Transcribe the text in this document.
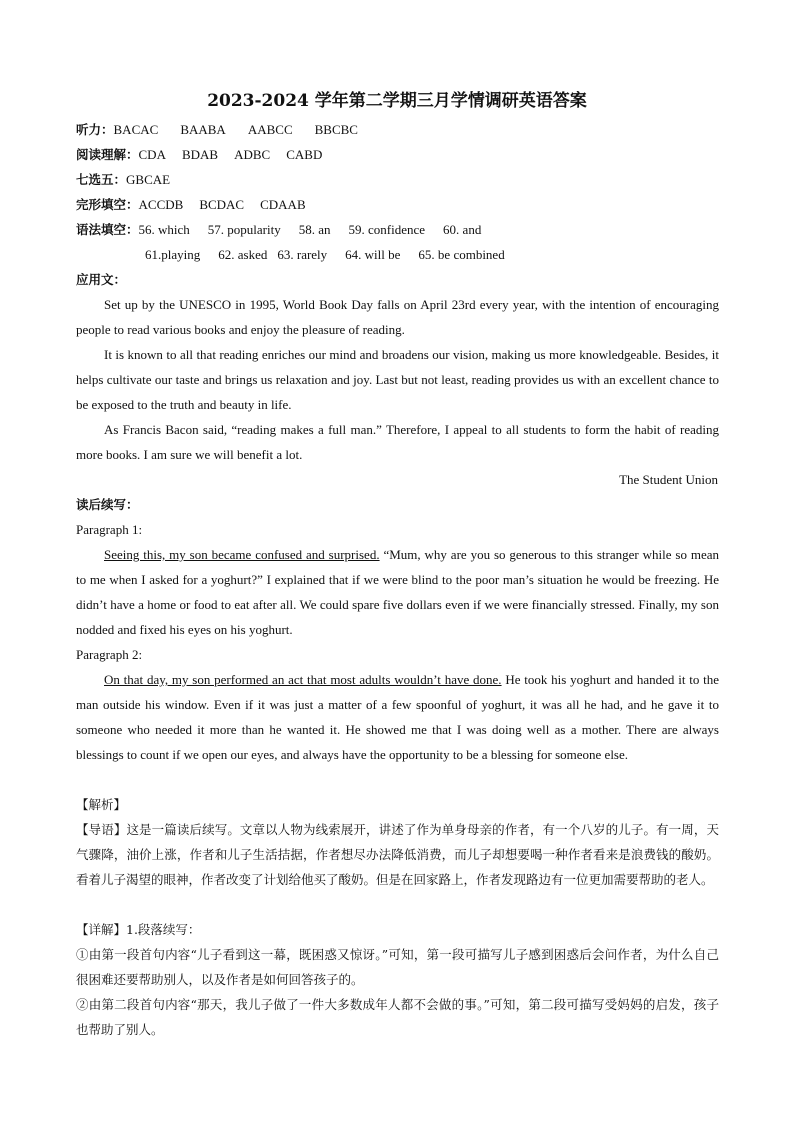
2023-2024 学年第二学期三月学情调研英语答案
听力：BACAC BAABA AABCC BBCBC
阅读理解：CDA BDAB ADBC CABD
七选五：GBCAE
完形填空：ACCDB BCDAC CDAAB
语法填空：56. which 57. popularity 58. an 59. confidence 60. and
61.playing 62. asked 63. rarely 64. will be 65. be combined
应用文：
Set up by the UNESCO in 1995, World Book Day falls on April 23rd every year, with the intention of encouraging people to read various books and enjoy the pleasure of reading.
It is known to all that reading enriches our mind and broadens our vision, making us more knowledgeable. Besides, it helps cultivate our taste and brings us relaxation and joy. Last but not least, reading provides us with an excellent chance to be exposed to the truth and beauty in life.
As Francis Bacon said, “reading makes a full man.” Therefore, I appeal to all students to form the habit of reading more books. I am sure we will benefit a lot.
The Student Union
读后续写：
Paragraph 1:
Seeing this, my son became confused and surprised. “Mum, why are you so generous to this stranger while so mean to me when I asked for a yoghurt?” I explained that if we were blind to the poor man’s situation he would be freezing. He didn’t have a home or food to eat after all. We could spare five dollars even if we were financially stressed. Finally, my son nodded and fixed his eyes on his yoghurt.
Paragraph 2:
On that day, my son performed an act that most adults wouldn’t have done. He took his yoghurt and handed it to the man outside his window. Even if it was just a matter of a few spoonful of yoghurt, it was all he had, and he gave it to someone who needed it more than he wanted it. He showed me that I was doing well as a mother. There are always blessings to count if we open our eyes, and always have the opportunity to be a blessing for someone else.
【解析】
【导语】这是一篇读后续写。文章以人物为线索展开，讲述了作为单身母亲的作者，有一个八岁的儿子。有一周，天气骤降，油价上涨，作者和儿子生活拮据，作者想尽办法降低消费，而儿子却想要喝一种作者看来是浪费钱的酸奶。看着儿子渴望的眼神，作者改变了计划给他买了酸奶。但是在回家路上，作者发现路边有一位更加需要帮助的老人。
【详解】1.段落续写：
①由第一段首句内容“儿子看到这一幕，既困惑又惊讶。”可知，第一段可描写儿子感到困惑后会问作者，为什么自己很困难还要帮助别人，以及作者是如何回答孩子的。
②由第二段首句内容“那天，我儿子做了一件大多数成年人都不会做的事。”可知，第二段可描写受妈妈的启发，孩子也帮助了别人。
